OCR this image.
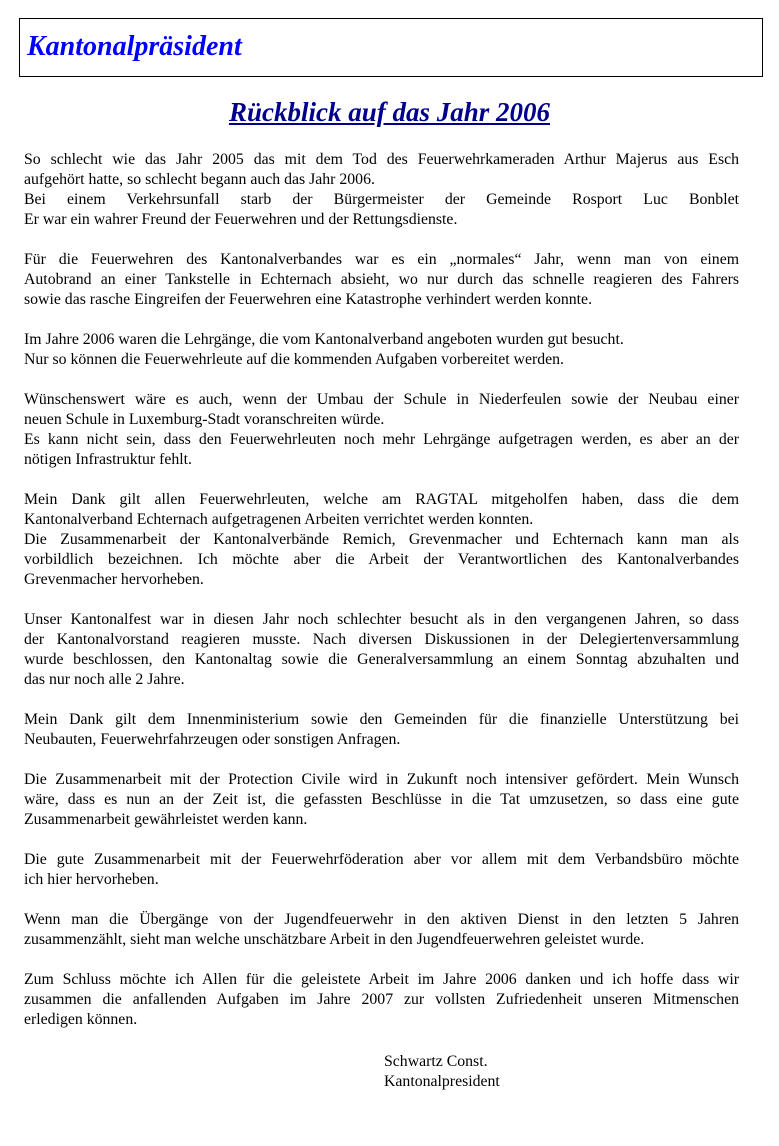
Kantonalpräsident
Rückblick auf das Jahr 2006
So schlecht wie das Jahr 2005 das mit dem Tod des Feuerwehrkameraden Arthur Majerus aus Esch
aufgehört hatte, so schlecht begann auch das Jahr 2006.
Bei einem Verkehrsunfall starb der Bürgermeister der Gemeinde Rosport Luc Bonblet
Er war ein wahrer Freund der Feuerwehren und der Rettungsdienste.
Für die Feuerwehren des Kantonalverbandes war es ein „normales“ Jahr, wenn man von einem
Autobrand an einer Tankstelle in Echternach absieht, wo nur durch das schnelle reagieren des Fahrers
sowie das rasche Eingreifen der Feuerwehren eine Katastrophe verhindert werden konnte.
Im Jahre 2006 waren die Lehrgänge, die vom Kantonalverband angeboten wurden gut besucht.
Nur so können die Feuerwehrleute auf die kommenden Aufgaben vorbereitet werden.
Wünschenswert wäre es auch, wenn der Umbau der Schule in Niederfeulen sowie der Neubau einer
neuen Schule in Luxemburg-Stadt voranschreiten würde.
Es kann nicht sein, dass den Feuerwehrleuten noch mehr Lehrgänge aufgetragen werden, es aber an der
nötigen Infrastruktur fehlt.
Mein Dank gilt allen Feuerwehrleuten, welche am RAGTAL mitgeholfen haben, dass die dem
Kantonalverband Echternach aufgetragenen Arbeiten verrichtet werden konnten.
Die Zusammenarbeit der Kantonalverbände Remich, Grevenmacher und Echternach kann man als
vorbildlich bezeichnen. Ich möchte aber die Arbeit der Verantwortlichen des Kantonalverbandes
Grevenmacher hervorheben.
Unser Kantonalfest war in diesen Jahr noch schlechter besucht als in den vergangenen Jahren, so dass
der Kantonalvorstand reagieren musste. Nach diversen Diskussionen in der Delegiertenversammlung
wurde beschlossen, den Kantonaltag sowie die Generalversammlung an einem Sonntag abzuhalten und
das nur noch alle 2 Jahre.
Mein Dank gilt dem Innenministerium sowie den Gemeinden für die finanzielle Unterstützung bei
Neubauten, Feuerwehrfahrzeugen oder sonstigen Anfragen.
Die Zusammenarbeit mit der Protection Civile wird in Zukunft noch intensiver gefördert. Mein Wunsch
wäre, dass es nun an der Zeit ist, die gefassten Beschlüsse in die Tat umzusetzen, so dass eine gute
Zusammenarbeit gewährleistet werden kann.
Die gute Zusammenarbeit mit der Feuerwehrföderation aber vor allem mit dem Verbandsbüro möchte
ich hier hervorheben.
Wenn man die Übergänge von der Jugendfeuerwehr in den aktiven Dienst in den letzten 5 Jahren
zusammenzählt, sieht man welche unschätzbare Arbeit in den Jugendfeuerwehren geleistet wurde.
Zum Schluss möchte ich Allen für die geleistete Arbeit im Jahre 2006 danken und ich hoffe dass wir
zusammen die anfallenden Aufgaben im Jahre 2007 zur vollsten Zufriedenheit unseren Mitmenschen
erledigen können.
Schwartz Const.
Kantonalpresident
